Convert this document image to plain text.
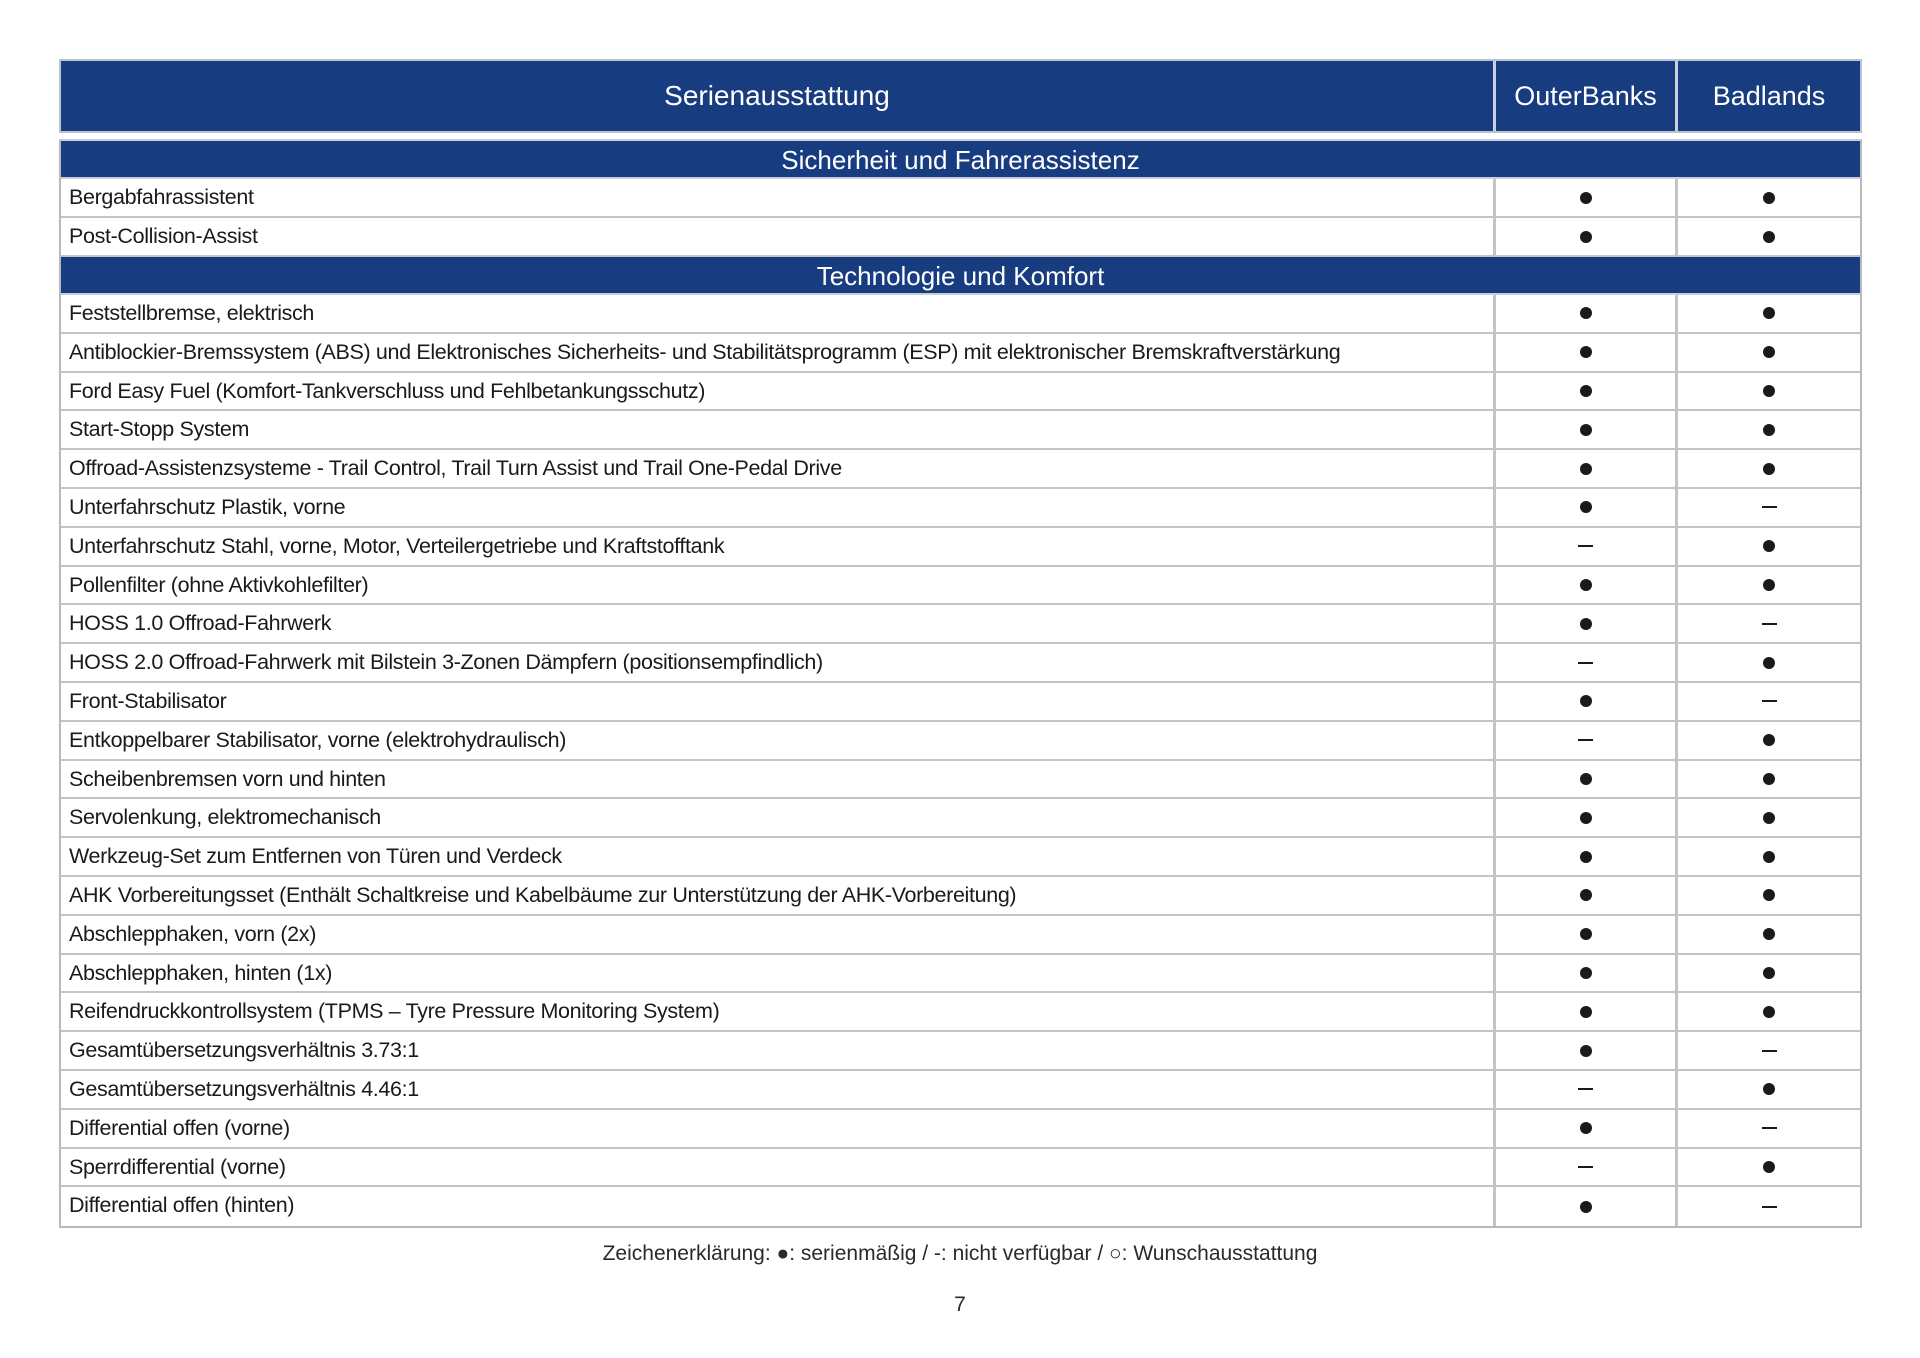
Serienausstattung	Outer Banks	Badlands
Sicherheit und Fahrerassistenz
Bergabfahrassistent
Post-Collision-Assist
Technologie und Komfort
Feststellbremse, elektrisch
Antiblockier-Bremssystem (ABS) und Elektronisches Sicherheits- und Stabilitätsprogramm (ESP) mit elektronischer Bremskraftverstärkung
Ford Easy Fuel (Komfort-Tankverschluss und Fehlbetankungsschutz)
Start-Stopp System
Offroad-Assistenzsysteme - Trail Control, Trail Turn Assist und Trail One-Pedal Drive
Unterfahrschutz Plastik, vorne
Unterfahrschutz Stahl, vorne, Motor, Verteilergetriebe und Kraftstofftank
Pollenfilter (ohne Aktivkohlefilter)
HOSS 1.0 Offroad-Fahrwerk
HOSS 2.0 Offroad-Fahrwerk mit Bilstein 3-Zonen Dämpfern (positionsempfindlich)
Front-Stabilisator
Entkoppelbarer Stabilisator, vorne (elektrohydraulisch)
Scheibenbremsen vorn und hinten
Servolenkung, elektromechanisch
Werkzeug-Set zum Entfernen von Türen und Verdeck
AHK Vorbereitungsset (Enthält Schaltkreise und Kabelbäume zur Unterstützung der AHK-Vorbereitung)
Abschlepphaken, vorn (2x)
Abschlepphaken, hinten (1x)
Reifendruckkontrollsystem (TPMS – Tyre Pressure Monitoring System)
Gesamtübersetzungsverhältnis 3.73:1
Gesamtübersetzungsverhältnis 4.46:1
Differential offen (vorne)
Sperrdifferential (vorne)
Differential offen (hinten)
Zeichenerklärung: ●: serienmäßig / -: nicht verfügbar / ○: Wunschausstattung
7
